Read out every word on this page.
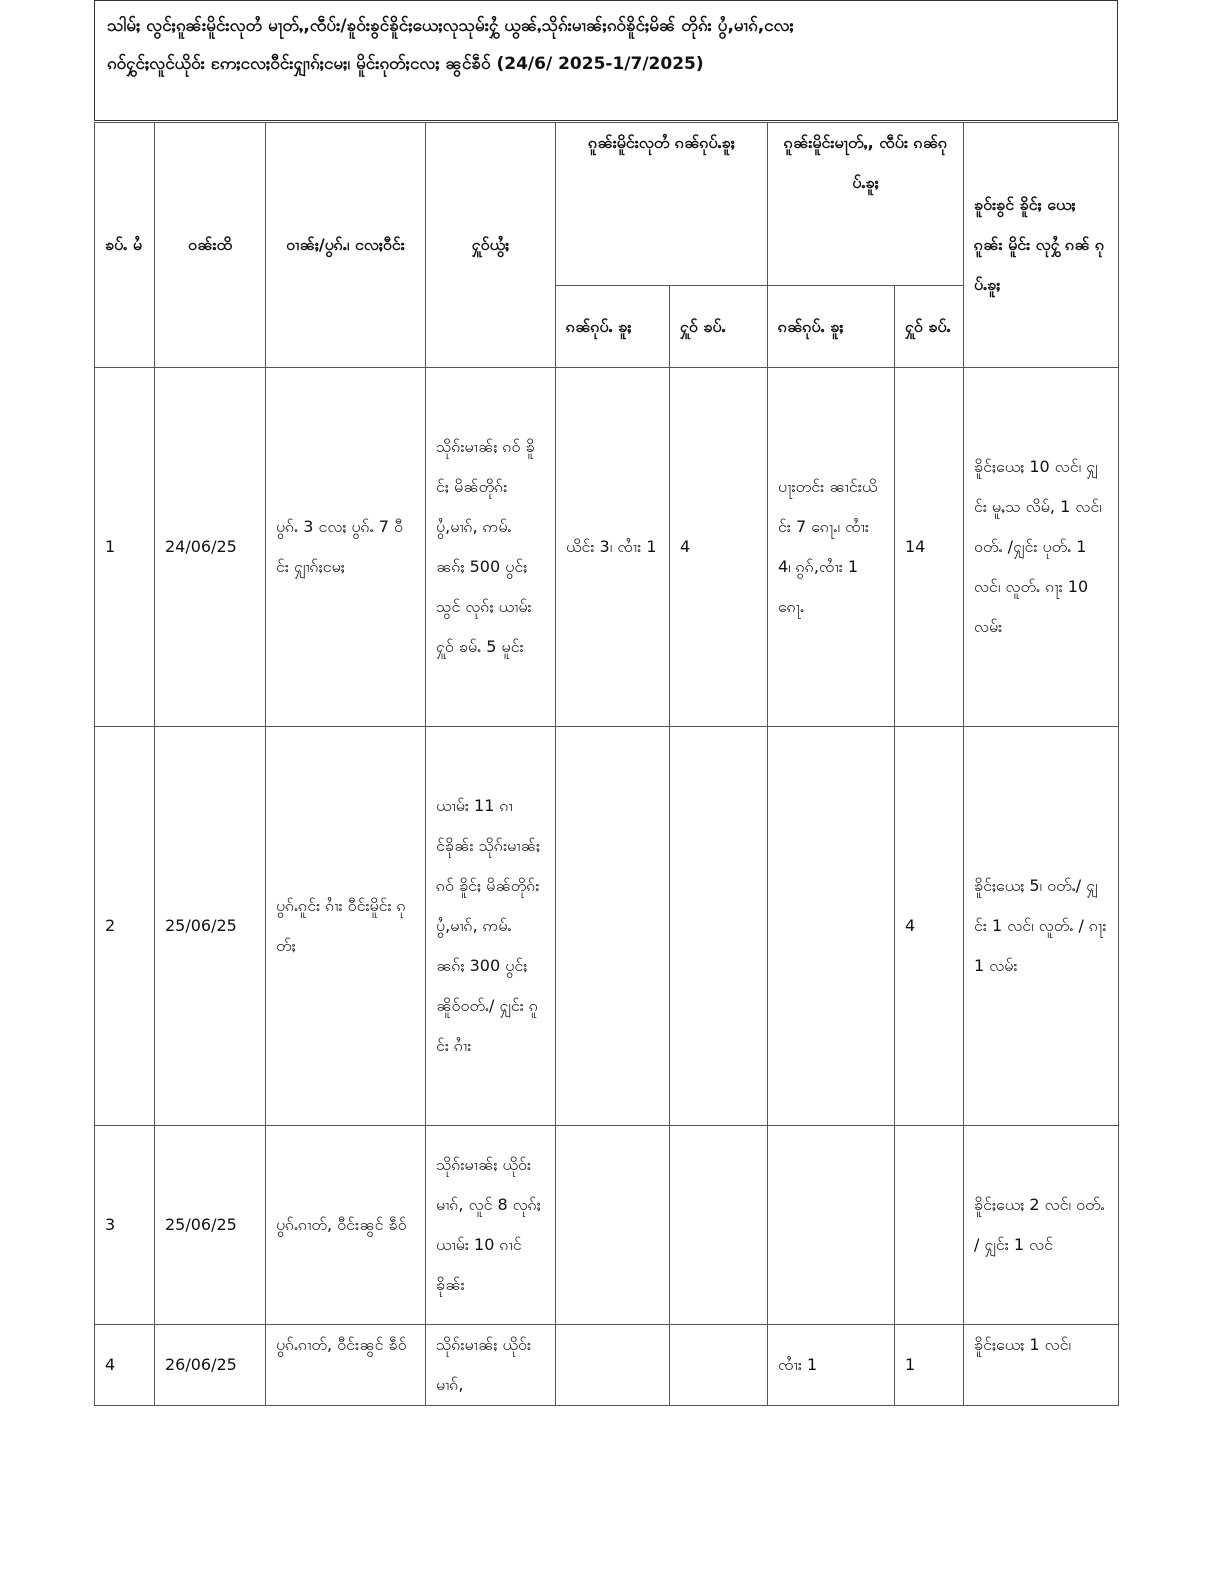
သါမ်ႈ လွင်ႈၵူၼ်းမိူင်းလုတႆ မႃတ်ႇ,ၸဵပ်း/ၶူဝ်းၶွင်ၶိူင်ႈယေႈလုသုမ်းႁွႆ ယွၼ်ႇသိုၵ်းမၢၼ်ႈၵဝ်ၶိူင်ႈမိၼ် တိုၵ်း ပွႆ,မၢၵ်,ငလႈ
ၵဝ်ႁွင်ႈလူင်ယိုဝ်း ဢႄႈငလႈဝီင်းႁျၢၵ်ႈငမႈ၊ မိူင်းၵုတ်ႈငလႈ ၼွင်ၶဵဝ် (24/6/ 2025-1/7/2025)
ၶပ်ႉ မႆ	ဝၼ်းထိ	ဝၢၼ်ႈ/ပွၵ်ႉ၊ ငလႈဝီင်း	ႁူဝ်ယွႆႈ	ၵူၼ်းမိူင်းလုတႆ ၵၼ်ၵုပ်ႉၶူႈ		ၵူၼ်းမိူင်းမႃတ်ႇ, ၸဵပ်း ၵၼ်ၵုပ်ႉၶူႈ		ၶူဝ်းၶွင် ၶိူင်ႈ ယေႈ ၵူၼ်း မိူင်း လုႁွႆ ၵၼ် ၵုပ်ႉၶူႈ
				ၵၼ်ၵုပ်ႉ ၶူႈ	ႁူဝ် ၶပ်ႉ	ၵၼ်ၵုပ်ႉ ၶူႈ	ႁူဝ် ၶပ်ႉ	
1	24/06/25	ပွၵ်ႉ 3 ငလႈ ပွၵ်ႉ 7 ဝီင်း ႁျၢၵ်ႈငမႈ	သိုၵ်းမၢၼ်ႈ ၵဝ် ၶိူင်ႈ မိၼ်တိုၵ်း ပွႆ,မၢၵ်, ဢမ်ႉ ၼၵ်ႈ 500 ပွင်ႈ သွင် လုၵ်ႈ ယၢမ်း ႁူဝ် ၶမ်ႉ 5 မူင်း	ယိင်း 3၊ ၸၢႆး 1	4	ပႃးတင်း ၼၢင်းယိင်း 7 ၵေႃႉ၊ ၸၢႆး 4၊ ၵွၵ်,ၸၢႆး 1 ၵေႃႉ	14	ၶိူင်ႈယေႈ 10 လင်၊ ႁျင်း မူႇသ လိမ်, 1 လင်၊ ဝတ်ႉ /ႁျင်း ပုတ်ႉ 1 လင်၊ လူတ်ႉ ၵႃး 10 လမ်း
2	25/06/25	ပွၵ်ႉၵူင်း ၵၢႆး ဝီင်းမိူင်း ၵုတ်ႈ	ယၢမ်း 11 ၵၢင်ၶိုၼ်း သိုၵ်းမၢၼ်ႈ ၵဝ် ၶိူင်ႈ မိၼ်တိုၵ်း ပွႆ,မၢၵ်, ဢမ်ႉ ၼၵ်ႈ 300 ပွင်ႈ ၼိူဝ်ဝတ်ႉ/ ႁျင်း ၵူင်း ၵၢႆး				4	ၶိူင်ႈယေႈ 5၊ ဝတ်ႉ/ ႁျင်း 1 လင်၊ လူတ်ႉ / ၵႃး 1 လမ်း
3	25/06/25	ပွၵ်ႉၵၢတ်, ဝီင်းၼွင် ၶဵဝ်	သိုၵ်းမၢၼ်ႈ ယိုဝ်းမၢၵ်, လူင် 8 လုၵ်ႈ ယၢမ်း 10 ၵၢင် ၶိုၼ်း					ၶိူင်ႈယေႈ 2 လင်၊ ဝတ်ႉ / ႁျင်း 1 လင်
4	26/06/25	ပွၵ်ႉၵၢတ်, ဝီင်းၼွင် ၶဵဝ်	သိုၵ်းမၢၼ်ႈ ယိုဝ်းမၢၵ်,			ၸၢႆး 1	1	ၶိူင်ႈယေႈ 1 လင်၊
